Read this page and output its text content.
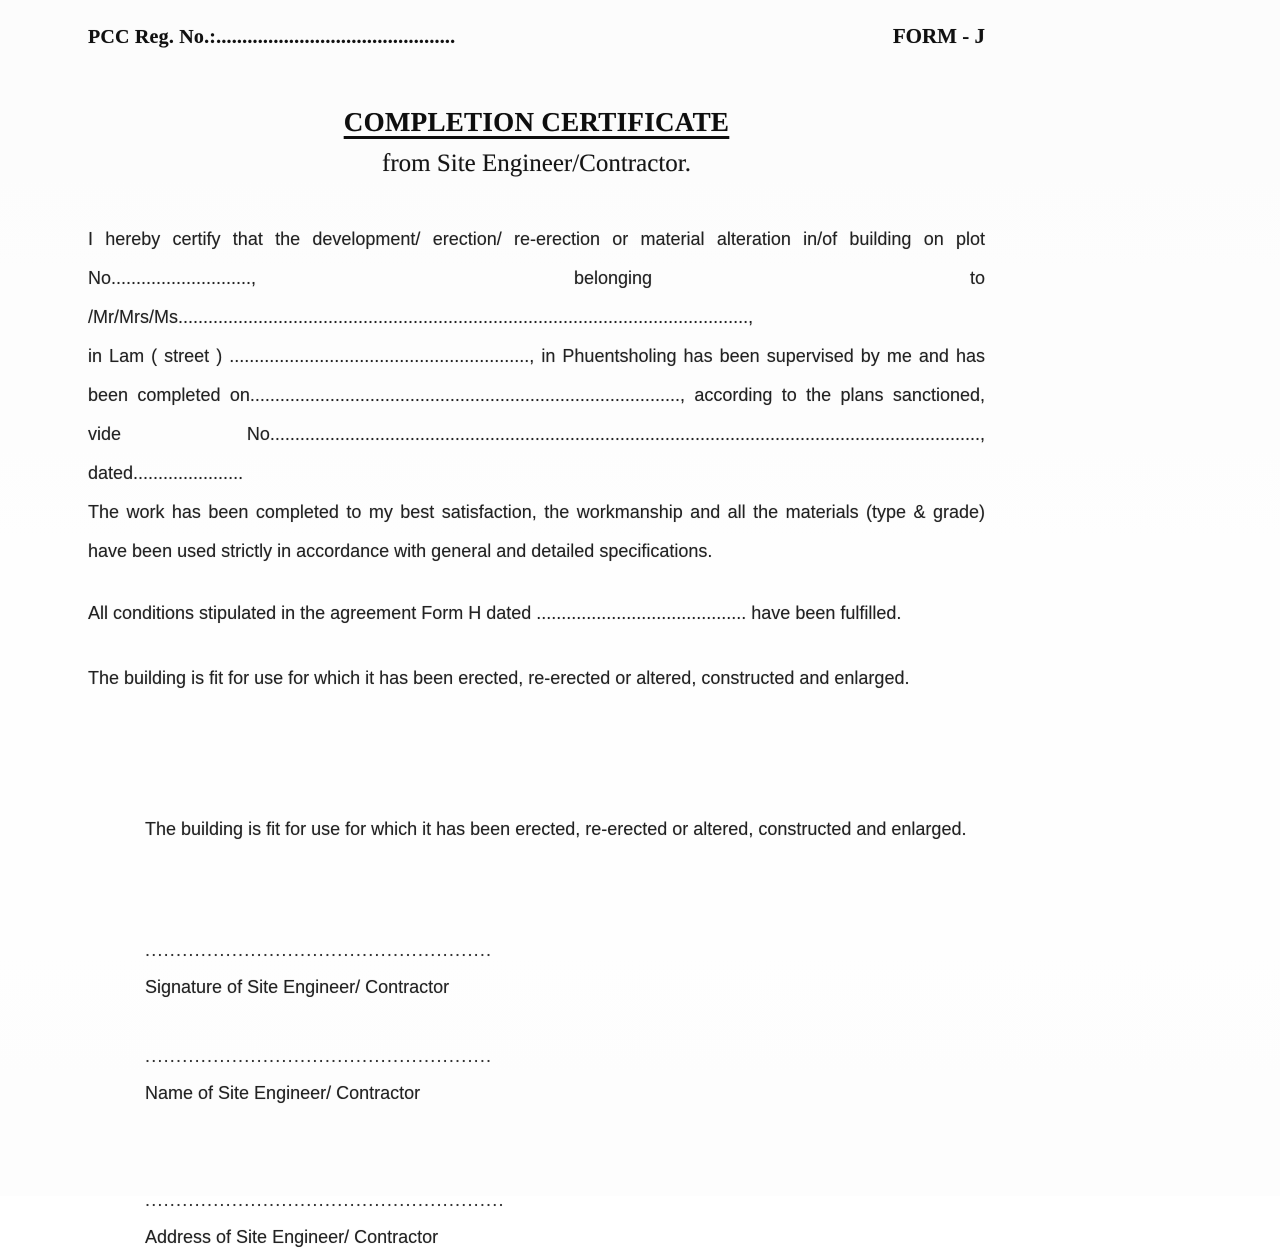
PCC Reg. No.:..............................................	FORM - J
COMPLETION CERTIFICATE
from Site Engineer/Contractor.
I hereby certify that the development/ erection/ re-erection or material alteration in/of building on plot
No............................, belonging to /Mr/Mrs/Ms..................................................................................................................,
in Lam ( street ) ............................................................, in Phuentsholing has been supervised by me and has
been completed on......................................................................................, according to the plans sanctioned,
vide No.............................................................................................................................................., dated......................
The work has been completed to my best satisfaction, the workmanship and all the materials (type & grade)
have been used strictly in accordance with general and detailed specifications.
All conditions stipulated in the agreement Form H dated .......................................... have been fulfilled.
The building is fit for use for which it has been erected, re-erected or altered, constructed and enlarged.
The building is fit for use for which it has been erected, re-erected or altered, constructed and enlarged.
........................................................
Signature of Site Engineer/ Contractor
........................................................
Name of Site Engineer/ Contractor
..........................................................
Address of Site Engineer/ Contractor
